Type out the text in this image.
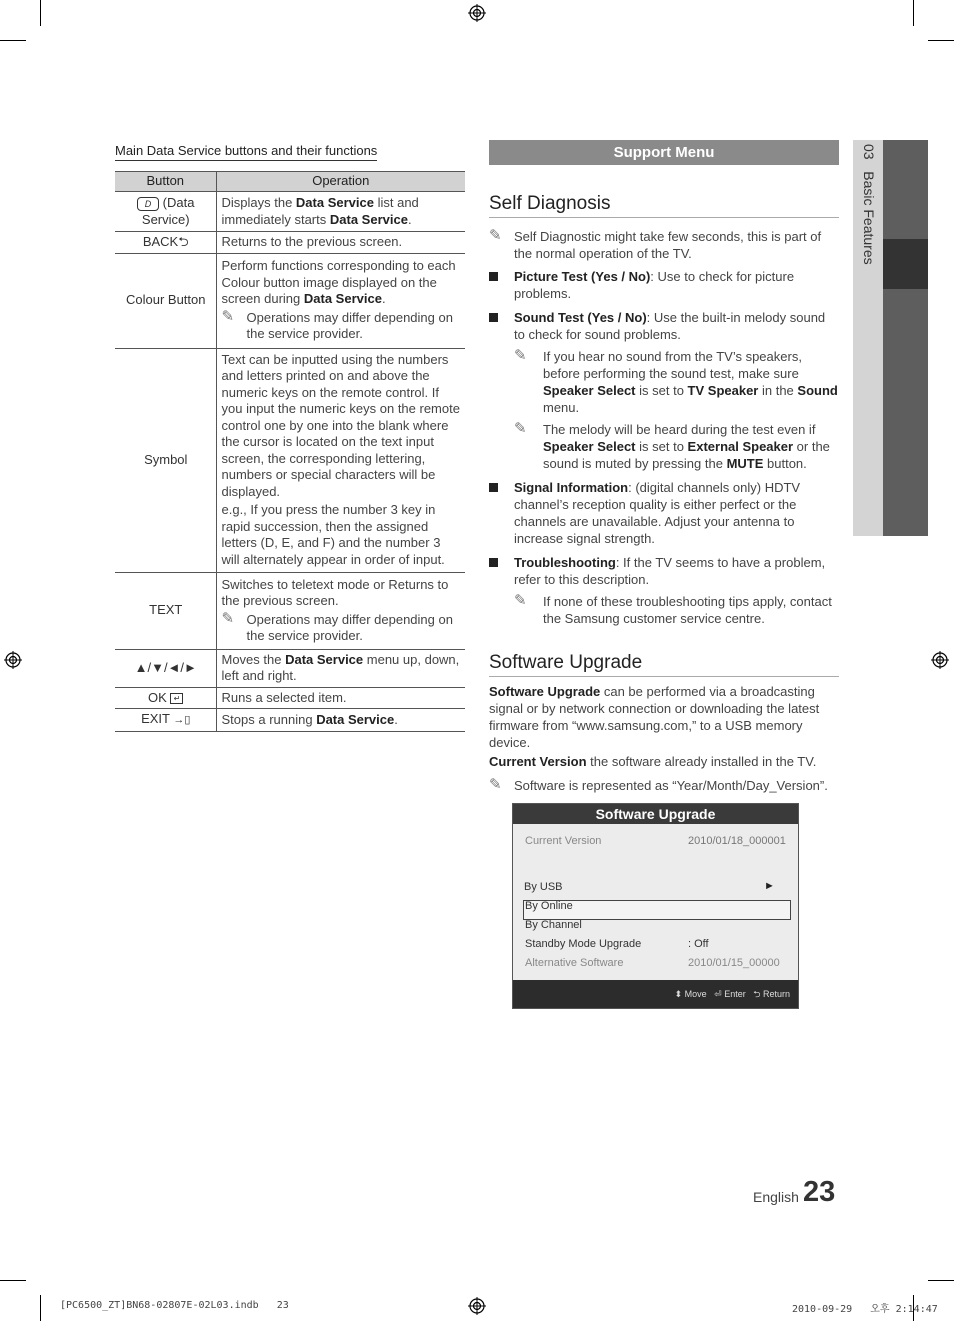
Main Data Service buttons and their functions
Button	Operation
D (Data Service)	Displays the Data Service list and immediately starts Data Service.
BACK⮌	Returns to the previous screen.
Colour Button	Perform functions corresponding to each Colour button image displayed on the screen during Data Service.
✎ Operations may differ depending on the service provider.

Symbol	Text can be inputted using the numbers and letters printed on and above the numeric keys on the remote control. If you input the numeric keys on the remote control one by one into the blank where the cursor is located on the text input screen, the corresponding lettering, numbers or special characters will be displayed.
e.g., If you press the number 3 key in rapid succession, then the assigned letters (D, E, and F) and the number 3 will alternately appear in order of input.

TEXT	Switches to teletext mode or Returns to the previous screen.
✎ Operations may differ depending on the service provider.

▲/▼/◄/►	Moves the Data Service menu up, down, left and right.
OK ↵	Runs a selected item.
EXIT →▯	Stops a running Data Service.
Support Menu
Self Diagnosis
✎ Self Diagnostic might take few seconds, this is part of the normal operation of the TV.
Picture Test (Yes / No): Use to check for picture problems.
Sound Test (Yes / No): Use the built-in melody sound to check for sound problems.
✎ If you hear no sound from the TV’s speakers, before performing the sound test, make sure Speaker Select is set to TV Speaker in the Sound menu.
✎ The melody will be heard during the test even if Speaker Select is set to External Speaker or the sound is muted by pressing the MUTE button.
Signal Information: (digital channels only) HDTV channel’s reception quality is either perfect or the channels are unavailable. Adjust your antenna to increase signal strength.
Troubleshooting: If the TV seems to have a problem, refer to this description.
✎ If none of these troubleshooting tips apply, contact the Samsung customer service centre.
Software Upgrade
Software Upgrade can be performed via a broadcasting signal or by network connection or downloading the latest firmware from “www.samsung.com,” to a USB memory device.
Current Version the software already installed in the TV.
✎ Software is represented as “Year/Month/Day_Version”.
Software Upgrade
Current Version	2010/01/18_000001
By USB	►
By Online
By Channel
Standby Mode Upgrade	: Off
Alternative Software	2010/01/15_00000
⬍ Move ⏎ Enter ⮌ Return
03   Basic Features
English 23
[PC6500_ZT]BN68-02807E-02L03.indb   23	2010-09-29   오후 2:14:47
